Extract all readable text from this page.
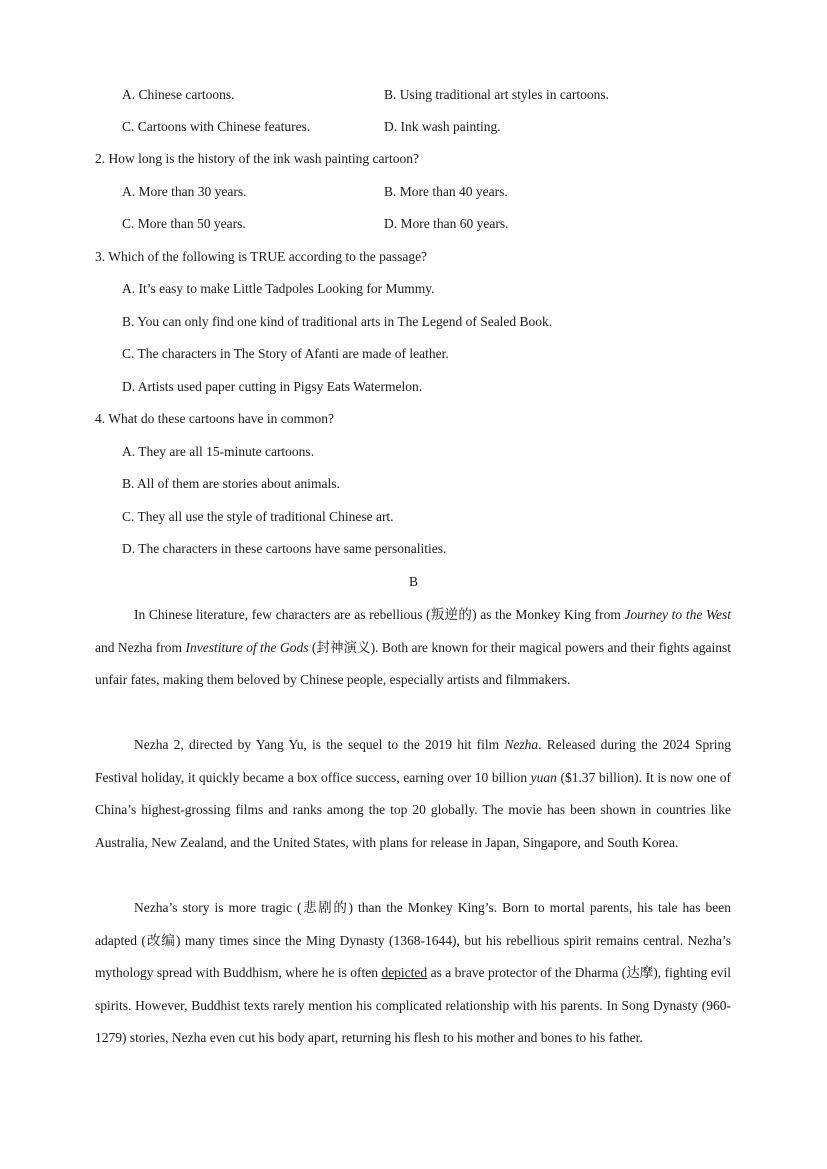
A. Chinese cartoons.	B. Using traditional art styles in cartoons.
C. Cartoons with Chinese features.	D. Ink wash painting.
2. How long is the history of the ink wash painting cartoon?
A. More than 30 years.	B. More than 40 years.
C. More than 50 years.	D. More than 60 years.
3. Which of the following is TRUE according to the passage?
A. It’s easy to make Little Tadpoles Looking for Mummy.
B. You can only find one kind of traditional arts in The Legend of Sealed Book.
C. The characters in The Story of Afanti are made of leather.
D. Artists used paper cutting in Pigsy Eats Watermelon.
4. What do these cartoons have in common?
A. They are all 15-minute cartoons.
B. All of them are stories about animals.
C. They all use the style of traditional Chinese art.
D. The characters in these cartoons have same personalities.
B

In Chinese literature, few characters are as rebellious (叛逆的) as the Monkey King from Journey to the West and Nezha from Investiture of the Gods (封神演义). Both are known for their magical powers and their fights against unfair fates, making them beloved by Chinese people, especially artists and filmmakers.

Nezha 2, directed by Yang Yu, is the sequel to the 2019 hit film Nezha. Released during the 2024 Spring Festival holiday, it quickly became a box office success, earning over 10 billion yuan ($1.37 billion). It is now one of China’s highest-grossing films and ranks among the top 20 globally. The movie has been shown in countries like Australia, New Zealand, and the United States, with plans for release in Japan, Singapore, and South Korea.

Nezha’s story is more tragic (悲剧的) than the Monkey King’s. Born to mortal parents, his tale has been adapted (改编) many times since the Ming Dynasty (1368-1644), but his rebellious spirit remains central. Nezha’s mythology spread with Buddhism, where he is often depicted as a brave protector of the Dharma (达摩), fighting evil spirits. However, Buddhist texts rarely mention his complicated relationship with his parents. In Song Dynasty (960-1279) stories, Nezha even cut his body apart, returning his flesh to his mother and bones to his father.
